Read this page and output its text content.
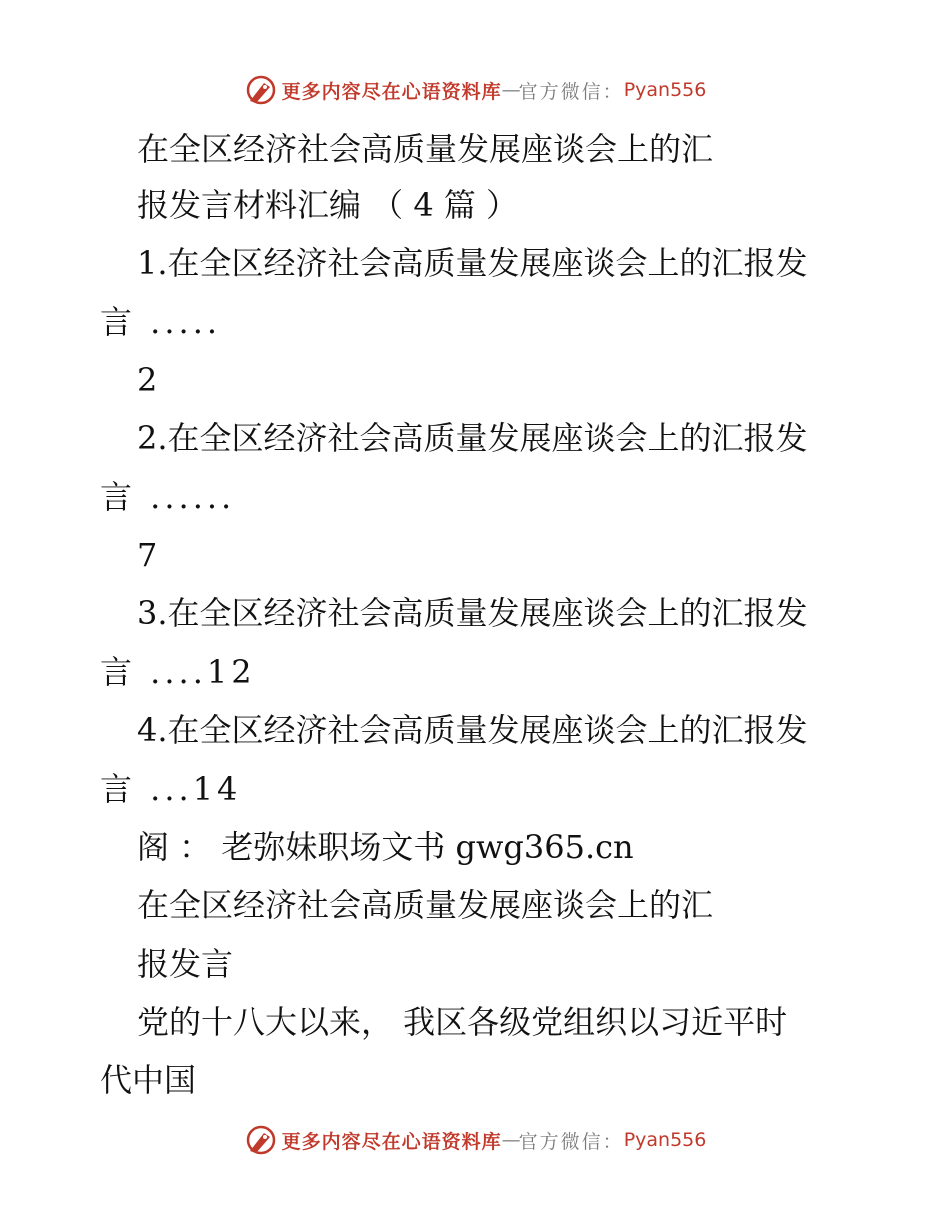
更多内容尽在心语资料库 — 官方微信： Pyan556
在全区经济社会高质量发展座谈会上的汇
报发言材料汇编 （ 4 篇 ）
1.在全区经济社会高质量发展座谈会上的汇报发
言 .....
2
2.在全区经济社会高质量发展座谈会上的汇报发
言 ......
7
3.在全区经济社会高质量发展座谈会上的汇报发
言 ....12
4.在全区经济社会高质量发展座谈会上的汇报发
言 ...14
阁 ： 老弥妹职场文书 gwg365.cn
在全区经济社会高质量发展座谈会上的汇
报发言
党的十八大以来， 我区各级党组织以习近平时
代中国
更多内容尽在心语资料库 — 官方微信： Pyan556
